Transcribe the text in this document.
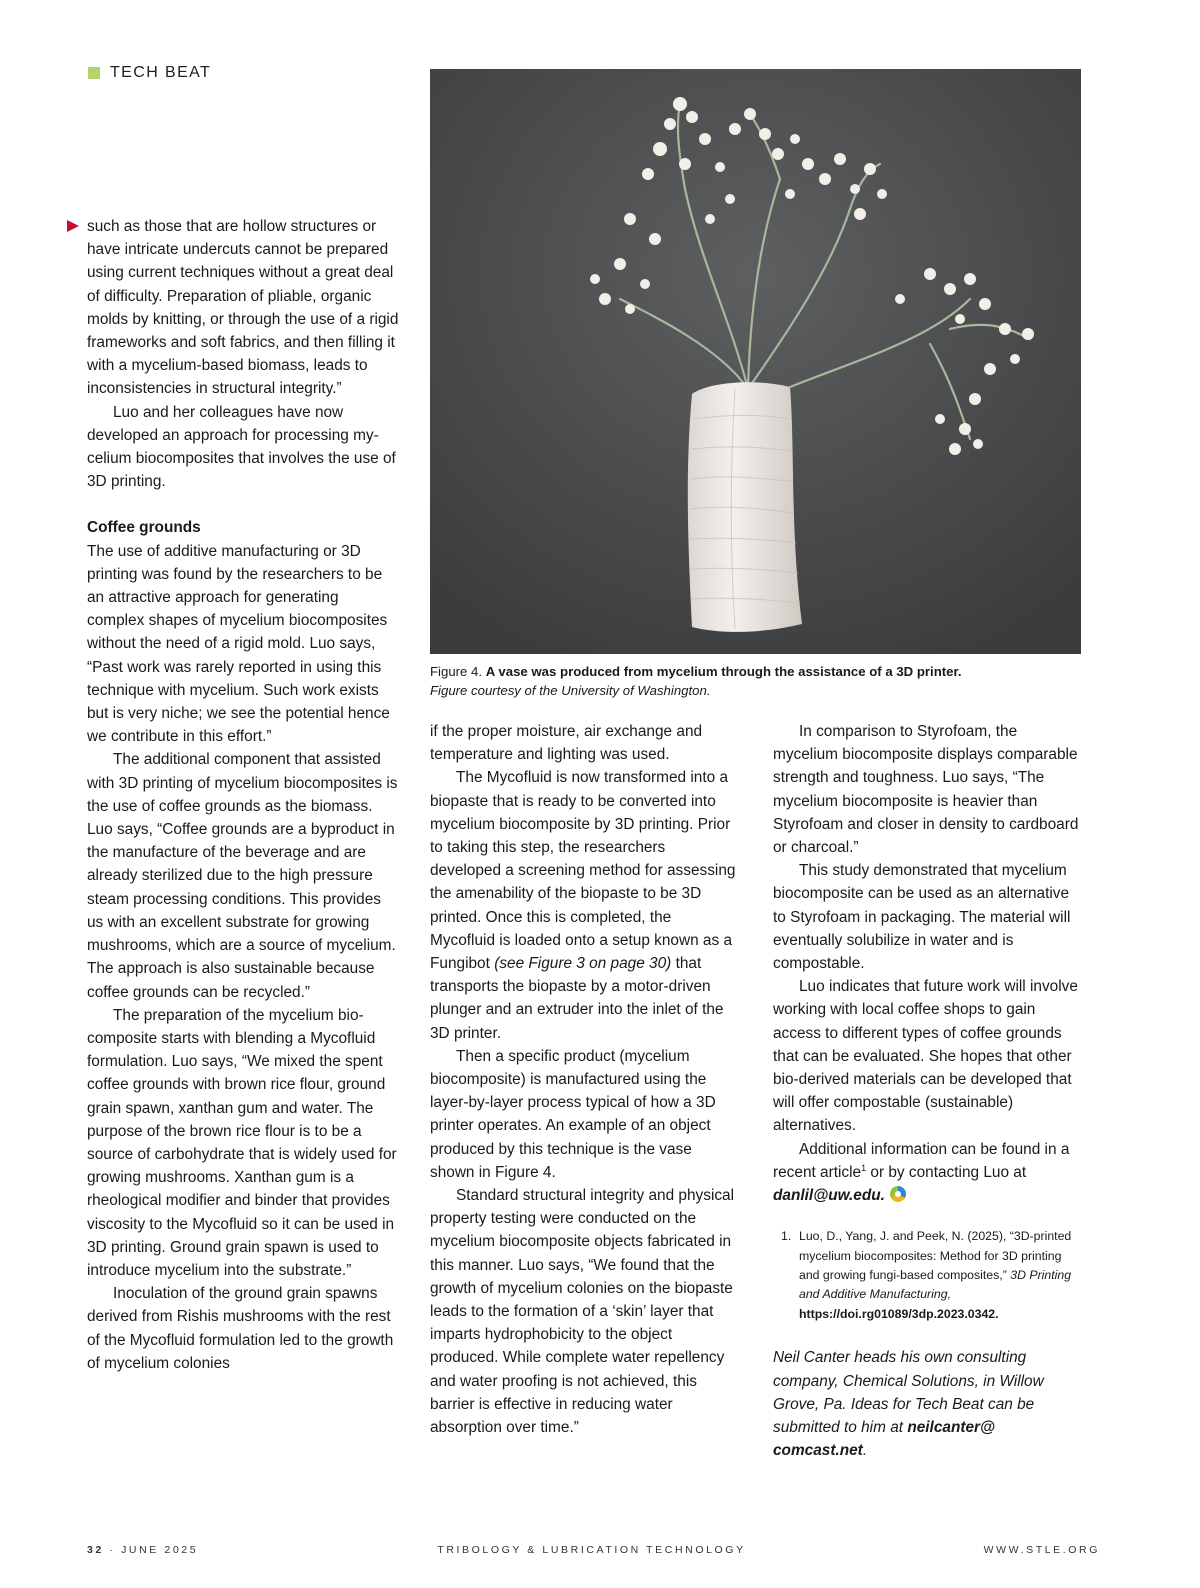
TECH BEAT
Figure 4. A vase was produced from mycelium through the assistance of a 3D printer.
Figure courtesy of the University of Washington.

such as those that are hollow structures or have intricate undercuts cannot be prepared using current techniques without a great deal of difficulty. Preparation of pliable, organic molds by knitting, or through the use of a rigid frameworks and soft fabrics, and then filling it with a mycelium-based biomass, leads to inconsistencies in structural integrity.”

Luo and her colleagues have now developed an approach for processing mycelium biocomposites that involves the use of 3D printing.

Coffee grounds

The use of additive manufacturing or 3D printing was found by the researchers to be an attractive approach for generating complex shapes of mycelium biocomposites without the need of a rigid mold. Luo says, “Past work was rarely reported in using this technique with mycelium. Such work exists but is very niche; we see the potential hence we contribute in this effort.”

The additional component that assisted with 3D printing of mycelium biocomposites is the use of coffee grounds as the biomass. Luo says, “Coffee grounds are a byproduct in the manufacture of the beverage and are already sterilized due to the high pressure steam processing conditions. This provides us with an excellent substrate for growing mushrooms, which are a source of mycelium. The approach is also sustainable because coffee grounds can be recycled.”

The preparation of the mycelium biocomposite starts with blending a Mycofluid formulation. Luo says, “We mixed the spent coffee grounds with brown rice flour, ground grain spawn, xanthan gum and water. The purpose of the brown rice flour is to be a source of carbohydrate that is widely used for growing mushrooms. Xanthan gum is a rheological modifier and binder that provides viscosity to the Mycofluid so it can be used in 3D printing. Ground grain spawn is used to introduce mycelium into the substrate.”

Inoculation of the ground grain spawns derived from Rishis mushrooms with the rest of the Mycofluid formulation led to the growth of mycelium colonies

if the proper moisture, air exchange and temperature and lighting was used.

The Mycofluid is now transformed into a biopaste that is ready to be converted into mycelium biocomposite by 3D printing. Prior to taking this step, the researchers developed a screening method for assessing the amenability of the biopaste to be 3D printed. Once this is completed, the Mycofluid is loaded onto a setup known as a Fungibot (see Figure 3 on page 30) that transports the biopaste by a motor-driven plunger and an extruder into the inlet of the 3D printer.

Then a specific product (mycelium biocomposite) is manufactured using the layer-by-layer process typical of how a 3D printer operates. An example of an object produced by this technique is the vase shown in Figure 4.

Standard structural integrity and physical property testing were conducted on the mycelium biocomposite objects fabricated in this manner. Luo says, “We found that the growth of mycelium colonies on the biopaste leads to the formation of a ‘skin’ layer that imparts hydrophobicity to the object produced. While complete water repellency and water proofing is not achieved, this barrier is effective in reducing water absorption over time.”

In comparison to Styrofoam, the mycelium biocomposite displays comparable strength and toughness. Luo says, “The mycelium biocomposite is heavier than Styrofoam and closer in density to cardboard or charcoal.”

This study demonstrated that mycelium biocomposite can be used as an alternative to Styrofoam in packaging. The material will eventually solubilize in water and is compostable.

Luo indicates that future work will involve working with local coffee shops to gain access to different types of coffee grounds that can be evaluated. She hopes that other bio-derived materials can be developed that will offer compostable (sustainable) alternatives.

Additional information can be found in a recent article$^1$ or by contacting Luo at danlil@uw.edu.

1. Luo, D., Yang, J. and Peek, N. (2025), “3D-printed mycelium biocomposites: Method for 3D printing and growing fungi-based composites,” 3D Printing and Additive Manufacturing, https://doi.rg01089/3dp.2023.0342.

Neil Canter heads his own consulting company, Chemical Solutions, in Willow Grove, Pa. Ideas for Tech Beat can be submitted to him at neilcanter@ comcast.net.

32 · JUNE 2025	TRIBOLOGY & LUBRICATION TECHNOLOGY	WWW.STLE.ORG
